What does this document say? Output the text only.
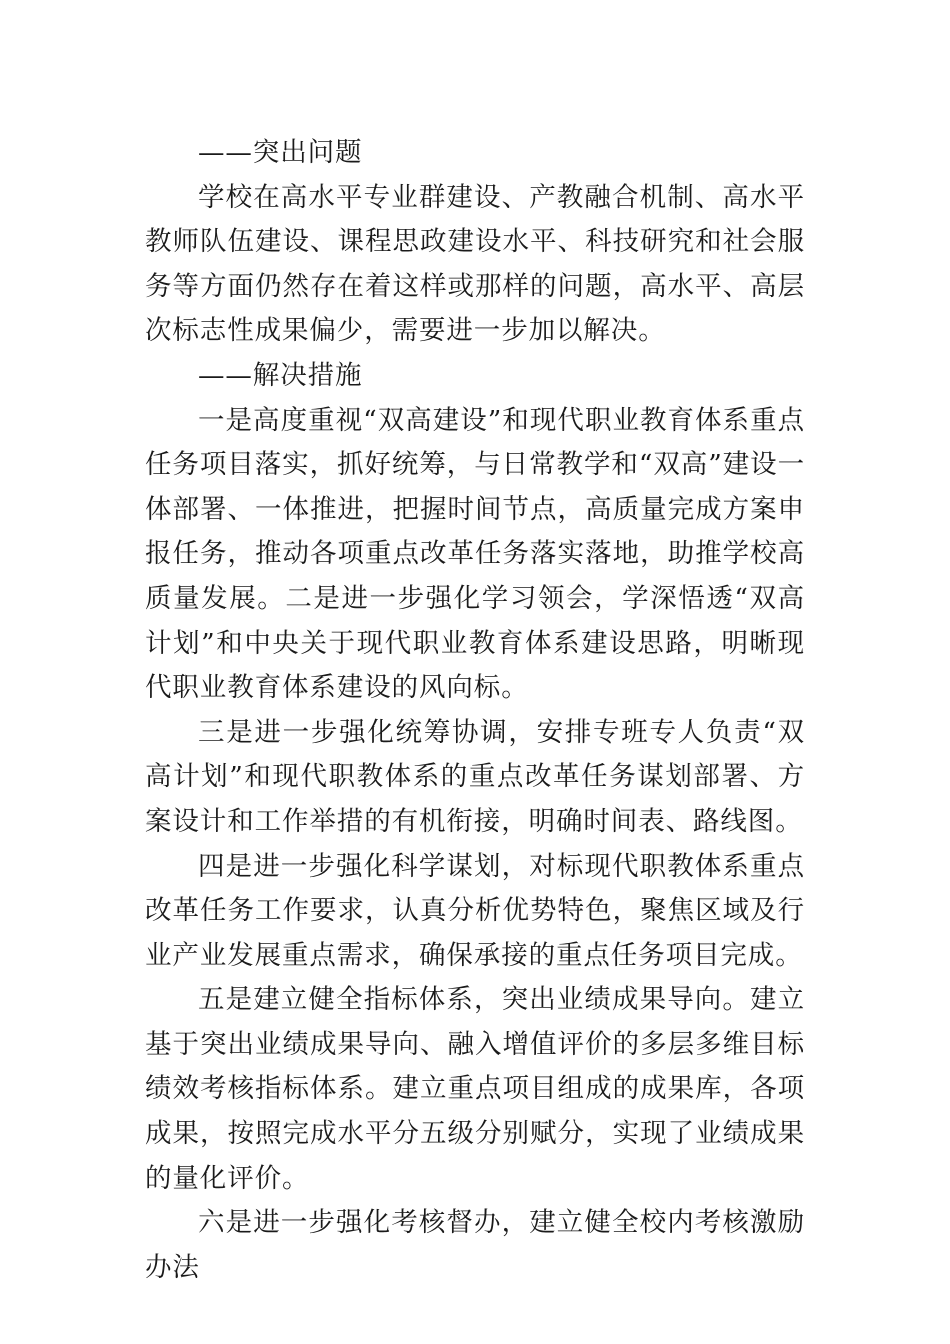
——突出问题

学校在高水平专业群建设、产教融合机制、高水平教师队伍建设、课程思政建设水平、科技研究和社会服务等方面仍然存在着这样或那样的问题，高水平、高层次标志性成果偏少，需要进一步加以解决。

——解决措施

一是高度重视“双高建设”和现代职业教育体系重点任务项目落实，抓好统筹，与日常教学和“双高”建设一体部署、一体推进，把握时间节点，高质量完成方案申报任务，推动各项重点改革任务落实落地，助推学校高质量发展。二是进一步强化学习领会，学深悟透“双高计划”和中央关于现代职业教育体系建设思路，明晰现代职业教育体系建设的风向标。

三是进一步强化统筹协调，安排专班专人负责“双高计划”和现代职教体系的重点改革任务谋划部署、方案设计和工作举措的有机衔接，明确时间表、路线图。

四是进一步强化科学谋划，对标现代职教体系重点改革任务工作要求，认真分析优势特色，聚焦区域及行业产业发展重点需求，确保承接的重点任务项目完成。

五是建立健全指标体系，突出业绩成果导向。建立基于突出业绩成果导向、融入增值评价的多层多维目标绩效考核指标体系。建立重点项目组成的成果库，各项成果，按照完成水平分五级分别赋分，实现了业绩成果的量化评价。

六是进一步强化考核督办，建立健全校内考核激励办法
